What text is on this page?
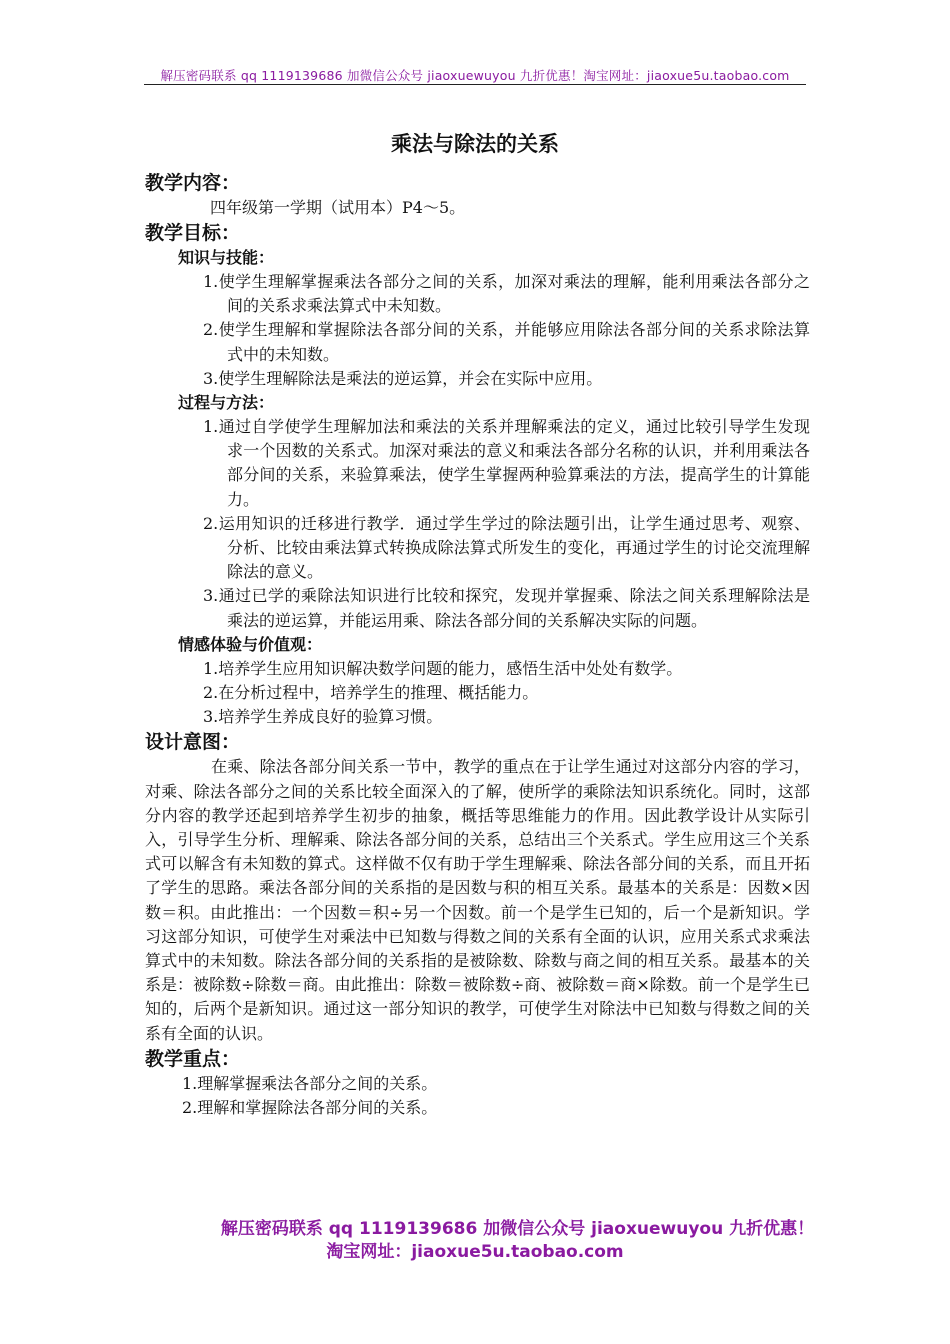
解压密码联系 qq 1119139686 加微信公众号 jiaoxuewuyou 九折优惠！淘宝网址：jiaoxue5u.taobao.com
乘法与除法的关系

教学内容：

四年级第一学期（试用本）P4～5。

教学目标：

知识与技能：

1.使学生理解掌握乘法各部分之间的关系，加深对乘法的理解，能利用乘法各部分之间的关系求乘法算式中未知数。

2.使学生理解和掌握除法各部分间的关系，并能够应用除法各部分间的关系求除法算式中的未知数。

3.使学生理解除法是乘法的逆运算，并会在实际中应用。

过程与方法：

1.通过自学使学生理解加法和乘法的关系并理解乘法的定义，通过比较引导学生发现求一个因数的关系式。加深对乘法的意义和乘法各部分名称的认识，并利用乘法各部分间的关系，来验算乘法，使学生掌握两种验算乘法的方法，提高学生的计算能力。

2.运用知识的迁移进行教学．通过学生学过的除法题引出，让学生通过思考、观察、分析、比较由乘法算式转换成除法算式所发生的变化，再通过学生的讨论交流理解除法的意义。

3.通过已学的乘除法知识进行比较和探究，发现并掌握乘、除法之间关系理解除法是乘法的逆运算，并能运用乘、除法各部分间的关系解决实际的问题。

情感体验与价值观：

1.培养学生应用知识解决数学问题的能力，感悟生活中处处有数学。

2.在分析过程中，培养学生的推理、概括能力。

3.培养学生养成良好的验算习惯。

设计意图：

在乘、除法各部分间关系一节中，教学的重点在于让学生通过对这部分内容的学习，对乘、除法各部分之间的关系比较全面深入的了解，使所学的乘除法知识系统化。同时，这部分内容的教学还起到培养学生初步的抽象，概括等思维能力的作用。因此教学设计从实际引入，引导学生分析、理解乘、除法各部分间的关系，总结出三个关系式。学生应用这三个关系式可以解含有未知数的算式。这样做不仅有助于学生理解乘、除法各部分间的关系，而且开拓了学生的思路。乘法各部分间的关系指的是因数与积的相互关系。最基本的关系是：因数×因数＝积。由此推出：一个因数＝积÷另一个因数。前一个是学生已知的，后一个是新知识。学习这部分知识，可使学生对乘法中已知数与得数之间的关系有全面的认识，应用关系式求乘法算式中的未知数。除法各部分间的关系指的是被除数、除数与商之间的相互关系。最基本的关系是：被除数÷除数＝商。由此推出：除数＝被除数÷商、被除数＝商×除数。前一个是学生已知的，后两个是新知识。通过这一部分知识的教学，可使学生对除法中已知数与得数之间的关系有全面的认识。

教学重点：

1.理解掌握乘法各部分之间的关系。

2.理解和掌握除法各部分间的关系。

解压密码联系 qq 1119139686 加微信公众号 jiaoxuewuyou 九折优惠！
淘宝网址：jiaoxue5u.taobao.com
